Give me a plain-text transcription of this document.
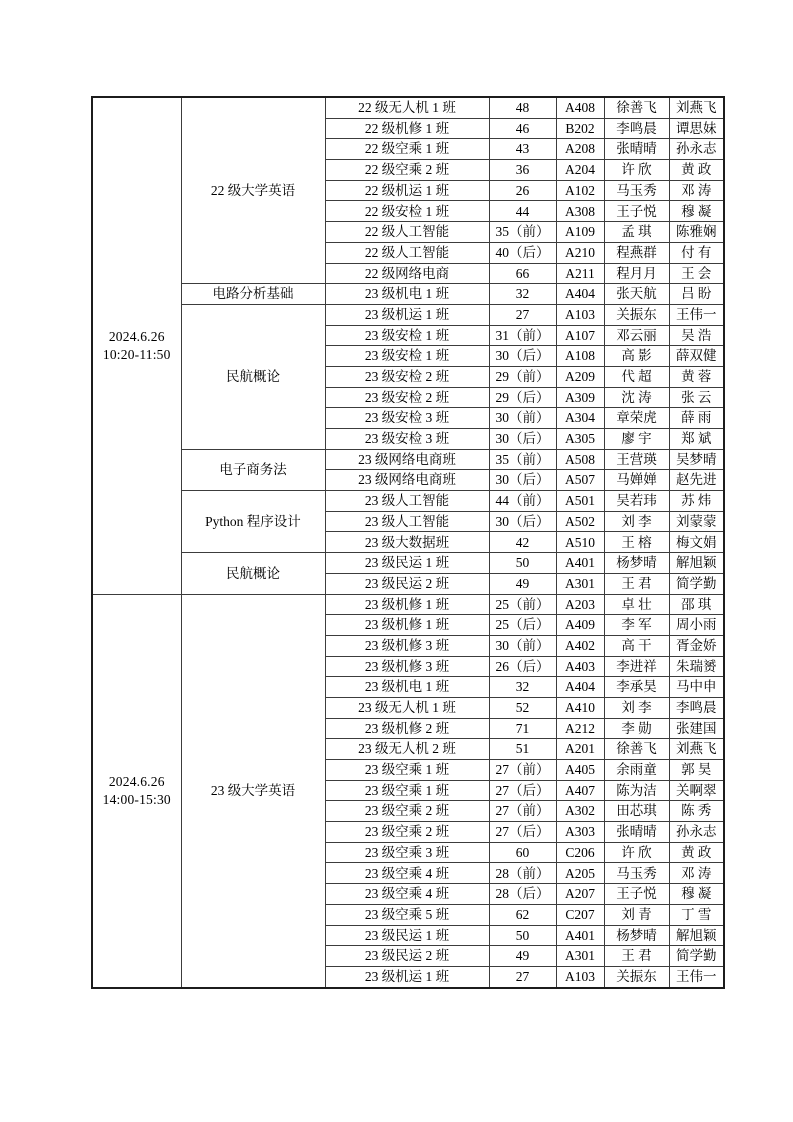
2024.6.26
10:20-11:50	22 级大学英语	22 级无人机 1 班	48	A408	徐善飞	刘燕飞
		22 级机修 1 班	46	B202	李鸣晨	谭思妹
		22 级空乘 1 班	43	A208	张晴晴	孙永志
		22 级空乘 2 班	36	A204	许 欣	黄 政
		22 级机运 1 班	26	A102	马玉秀	邓 涛
		22 级安检 1 班	44	A308	王子悦	穆 凝
		22 级人工智能	35（前）	A109	孟 琪	陈雅娴
		22 级人工智能	40（后）	A210	程燕群	付 有
		22 级网络电商	66	A211	程月月	王 会
	电路分析基础	23 级机电 1 班	32	A404	张天航	吕 盼
	民航概论	23 级机运 1 班	27	A103	关振东	王伟一
		23 级安检 1 班	31（前）	A107	邓云丽	吴 浩
		23 级安检 1 班	30（后）	A108	高 影	薛双健
		23 级安检 2 班	29（前）	A209	代 超	黄 蓉
		23 级安检 2 班	29（后）	A309	沈 涛	张 云
		23 级安检 3 班	30（前）	A304	章荣虎	薛 雨
		23 级安检 3 班	30（后）	A305	廖 宇	郑 斌
	电子商务法	23 级网络电商班	35（前）	A508	王营瑛	吴梦晴
		23 级网络电商班	30（后）	A507	马婵婵	赵先进
	Python 程序设计	23 级人工智能	44（前）	A501	吴若玮	苏 炜
		23 级人工智能	30（后）	A502	刘 李	刘蒙蒙
		23 级大数据班	42	A510	王 榕	梅文娟
	民航概论	23 级民运 1 班	50	A401	杨梦晴	解旭颖
		23 级民运 2 班	49	A301	王 君	简学勤

2024.6.26
14:00-15:30	23 级大学英语	23 级机修 1 班	25（前）	A203	卓 壮	邵 琪
		23 级机修 1 班	25（后）	A409	李 军	周小雨
		23 级机修 3 班	30（前）	A402	高 干	胥金娇
		23 级机修 3 班	26（后）	A403	李进祥	朱瑞赟
		23 级机电 1 班	32	A404	李承昊	马中申
		23 级无人机 1 班	52	A410	刘 李	李鸣晨
		23 级机修 2 班	71	A212	李 勋	张建国
		23 级无人机 2 班	51	A201	徐善飞	刘燕飞
		23 级空乘 1 班	27（前）	A405	余雨童	郭 昊
		23 级空乘 1 班	27（后）	A407	陈为洁	关啊翠
		23 级空乘 2 班	27（前）	A302	田芯琪	陈 秀
		23 级空乘 2 班	27（后）	A303	张晴晴	孙永志
		23 级空乘 3 班	60	C206	许 欣	黄 政
		23 级空乘 4 班	28（前）	A205	马玉秀	邓 涛
		23 级空乘 4 班	28（后）	A207	王子悦	穆 凝
		23 级空乘 5 班	62	C207	刘 青	丁 雪
		23 级民运 1 班	50	A401	杨梦晴	解旭颖
		23 级民运 2 班	49	A301	王 君	简学勤
		23 级机运 1 班	27	A103	关振东	王伟一
